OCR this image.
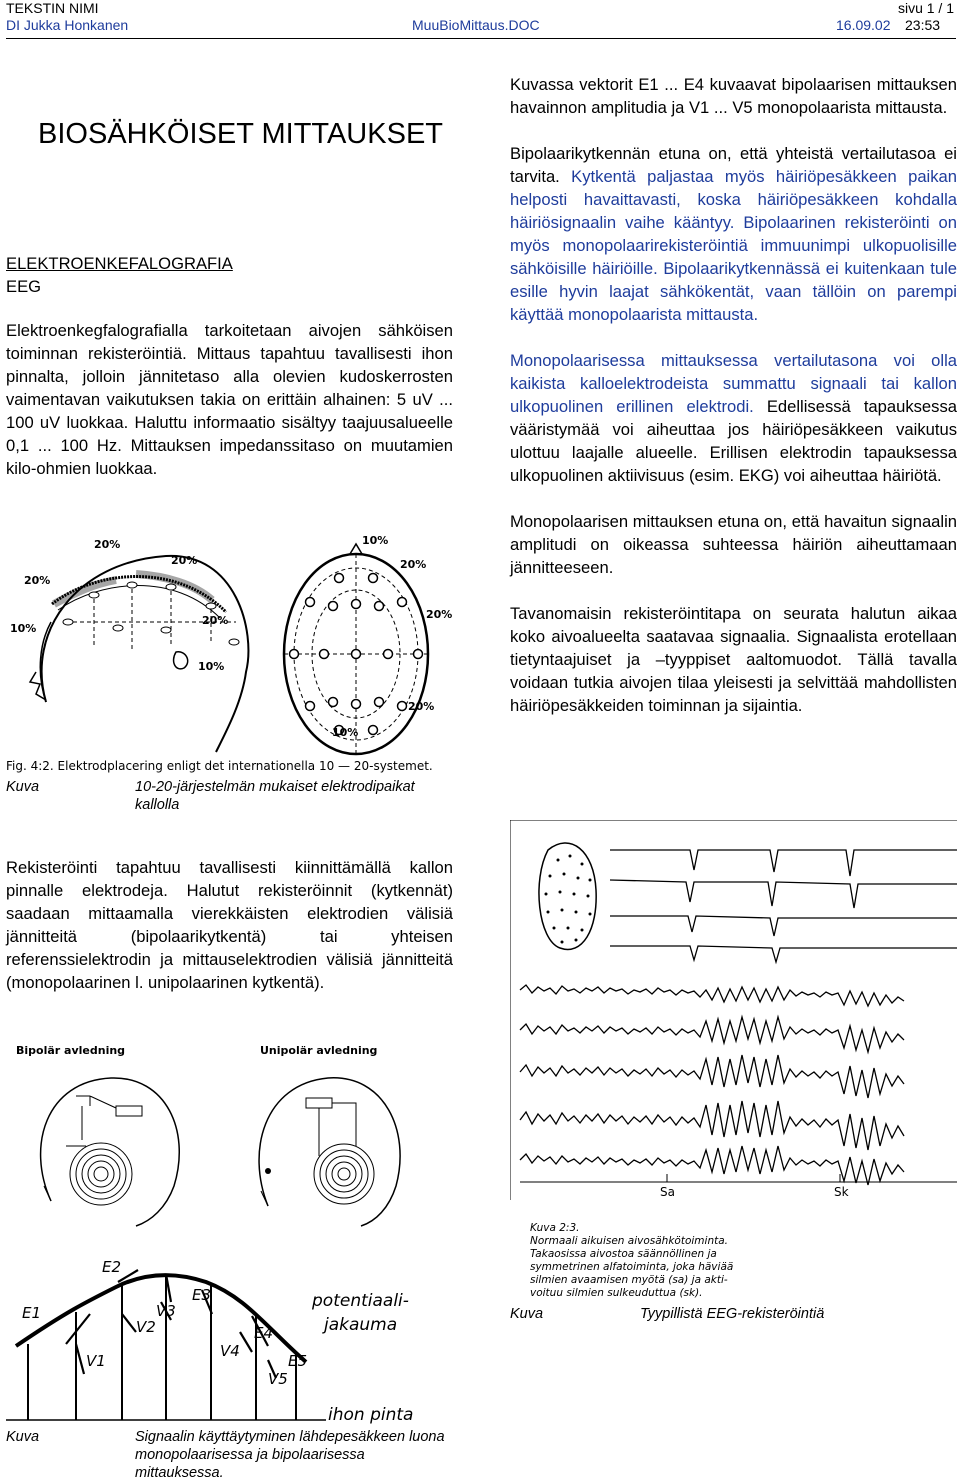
TEKSTIN NIMI	sivu 1 / 1
DI Jukka Honkanen	MuuBioMittaus.DOC	16.09.02 23:53
BIOSÄHKÖISET MITTAUKSET
ELEKTROENKEFALOGRAFIA
EEG
Elektroenkegfalografialla tarkoitetaan aivojen sähköisen toiminnan rekisteröintiä. Mittaus tapahtuu tavallisesti ihon pinnalta, jolloin jännitetaso alla olevien kudoskerrosten vaimentavan vaikutuksen takia on erittäin alhainen: 5 uV ... 100 uV luokkaa. Haluttu informaatio sisältyy taajuusalueelle 0,1 ... 100 Hz. Mittauksen impedanssitaso on muutamien kilo-ohmien luokkaa.
20%
20%
20%
10%
20%
10%
10%
20%
20%
20%
10%
Fig. 4:2. Elektrodplacering enligt det internationella 10 — 20-systemet.
Kuva	10-20-järjestelmän mukaiset elektrodipaikat kallolla
Rekisteröinti tapahtuu tavallisesti kiinnittämällä kallon pinnalle elektrodeja. Halutut rekisteröinnit (kytkennät) saadaan mittaamalla vierekkäisten elektrodien välisiä jännitteitä (bipolaarikytkentä) tai yhteisen referenssielektrodin ja mittauselektrodien välisiä jännitteitä (monopolaarinen l. unipolaarinen kytkentä).
Bipolär avledning	Unipolär avledning
E1
E2
E3
E4
E5
V1
V2
V3
V4
V5
potentiaali-
jakauma
ihon pinta
Kuva	Signaalin käyttäytyminen lähdepesäkkeen luona monopolaarisessa ja bipolaarisessa mittauksessa.

Kuvassa vektorit E1 ... E4 kuvaavat bipolaarisen mittauksen havainnon amplitudia ja V1 ... V5 monopolaarista mittausta.

Bipolaarikytkennän etuna on, että yhteistä vertailutasoa ei tarvita. Kytkentä paljastaa myös häiriöpesäkkeen paikan helposti havaittavasti, koska häiriöpesäkkeen kohdalla häiriösignaalin vaihe kääntyy. Bipolaarinen rekisteröinti on myös monopolaarirekisteröintiä immuunimpi ulkopuolisille sähköisille häiriöille. Bipolaarikytkennässä ei kuitenkaan tule esille hyvin laajat sähkökentät, vaan tällöin on parempi käyttää monopolaarista mittausta.

Monopolaarisessa mittauksessa vertailutasona voi olla kaikista kalloelektrodeista summattu signaali tai kallon ulkopuolinen erillinen elektrodi. Edellisessä tapauksessa vääristymää voi aiheuttaa jos häiriöpesäkkeen vaikutus ulottuu laajalle alueelle. Erillisen elektrodin tapauksessa ulkopuolinen aktiivisuus (esim. EKG) voi aiheuttaa häiriötä.

Monopolaarisen mittauksen etuna on, että havaitun signaalin amplitudi on oikeassa suhteessa häiriön aiheuttamaan jännitteeseen.

Tavanomaisin rekisteröintitapa on seurata halutun aikaa koko aivoalueelta saatavaa signaalia. Signaalista erotellaan tietyntaajuiset ja –tyyppiset aaltomuodot. Tällä tavalla voidaan tutkia aivojen tilaa yleisesti ja selvittää mahdollisten häiriöpesäkkeiden toiminnan ja sijaintia.

Sa	Sk
Kuva 2:3.
Normaali aikuisen aivosähkötoiminta.
Takaosissa aivostoa säännöllinen ja
symmetrinen alfatoiminta, joka häviää
silmien avaamisen myötä (sa) ja akti-
voituu silmien sulkeuduttua (sk).
Kuva	Tyypillistä EEG-rekisteröintiä
